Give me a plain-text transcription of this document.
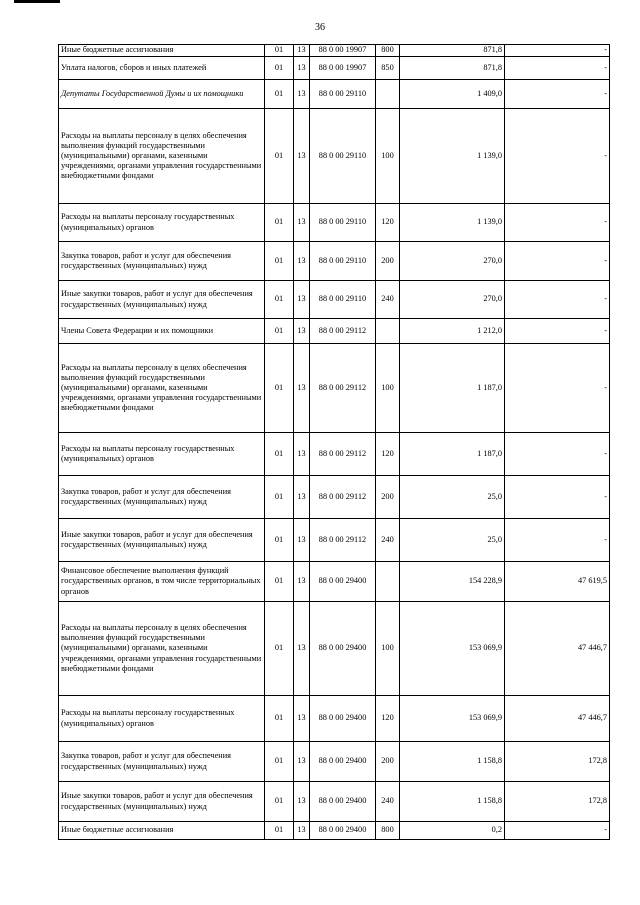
36
Иные бюджетные ассигнования	01	13	88 0 00 19907	800	871,8	-
Уплата налогов, сборов и иных платежей	01	13	88 0 00 19907	850	871,8	-
Депутаты Государственной Думы и их помощники	01	13	88 0 00 29110		1 409,0	-
Расходы на выплаты персоналу в целях обеспечения выполнения функций государственными (муниципальными) органами, казенными учреждениями, органами управления государственными внебюджетными фондами	01	13	88 0 00 29110	100	1 139,0	-
Расходы на выплаты персоналу государственных (муниципальных) органов	01	13	88 0 00 29110	120	1 139,0	-
Закупка товаров, работ и услуг для обеспечения государственных (муниципальных) нужд	01	13	88 0 00 29110	200	270,0	-
Иные закупки товаров, работ и услуг для обеспечения государственных (муниципальных) нужд	01	13	88 0 00 29110	240	270,0	-
Члены Совета Федерации и их помощники	01	13	88 0 00 29112		1 212,0	-
Расходы на выплаты персоналу в целях обеспечения выполнения функций государственными (муниципальными) органами, казенными учреждениями, органами управления государственными внебюджетными фондами	01	13	88 0 00 29112	100	1 187,0	-
Расходы на выплаты персоналу государственных (муниципальных) органов	01	13	88 0 00 29112	120	1 187,0	-
Закупка товаров, работ и услуг для обеспечения государственных (муниципальных) нужд	01	13	88 0 00 29112	200	25,0	-
Иные закупки товаров, работ и услуг для обеспечения государственных (муниципальных) нужд	01	13	88 0 00 29112	240	25,0	-
Финансовое обеспечение выполнения функций государственных органов, в том числе территориальных органов	01	13	88 0 00 29400		154 228,9	47 619,5
Расходы на выплаты персоналу в целях обеспечения выполнения функций государственными (муниципальными) органами, казенными учреждениями, органами управления государственными внебюджетными фондами	01	13	88 0 00 29400	100	153 069,9	47 446,7
Расходы на выплаты персоналу государственных (муниципальных) органов	01	13	88 0 00 29400	120	153 069,9	47 446,7
Закупка товаров, работ и услуг для обеспечения государственных (муниципальных) нужд	01	13	88 0 00 29400	200	1 158,8	172,8
Иные закупки товаров, работ и услуг для обеспечения государственных (муниципальных) нужд	01	13	88 0 00 29400	240	1 158,8	172,8
Иные бюджетные ассигнования	01	13	88 0 00 29400	800	0,2	-
